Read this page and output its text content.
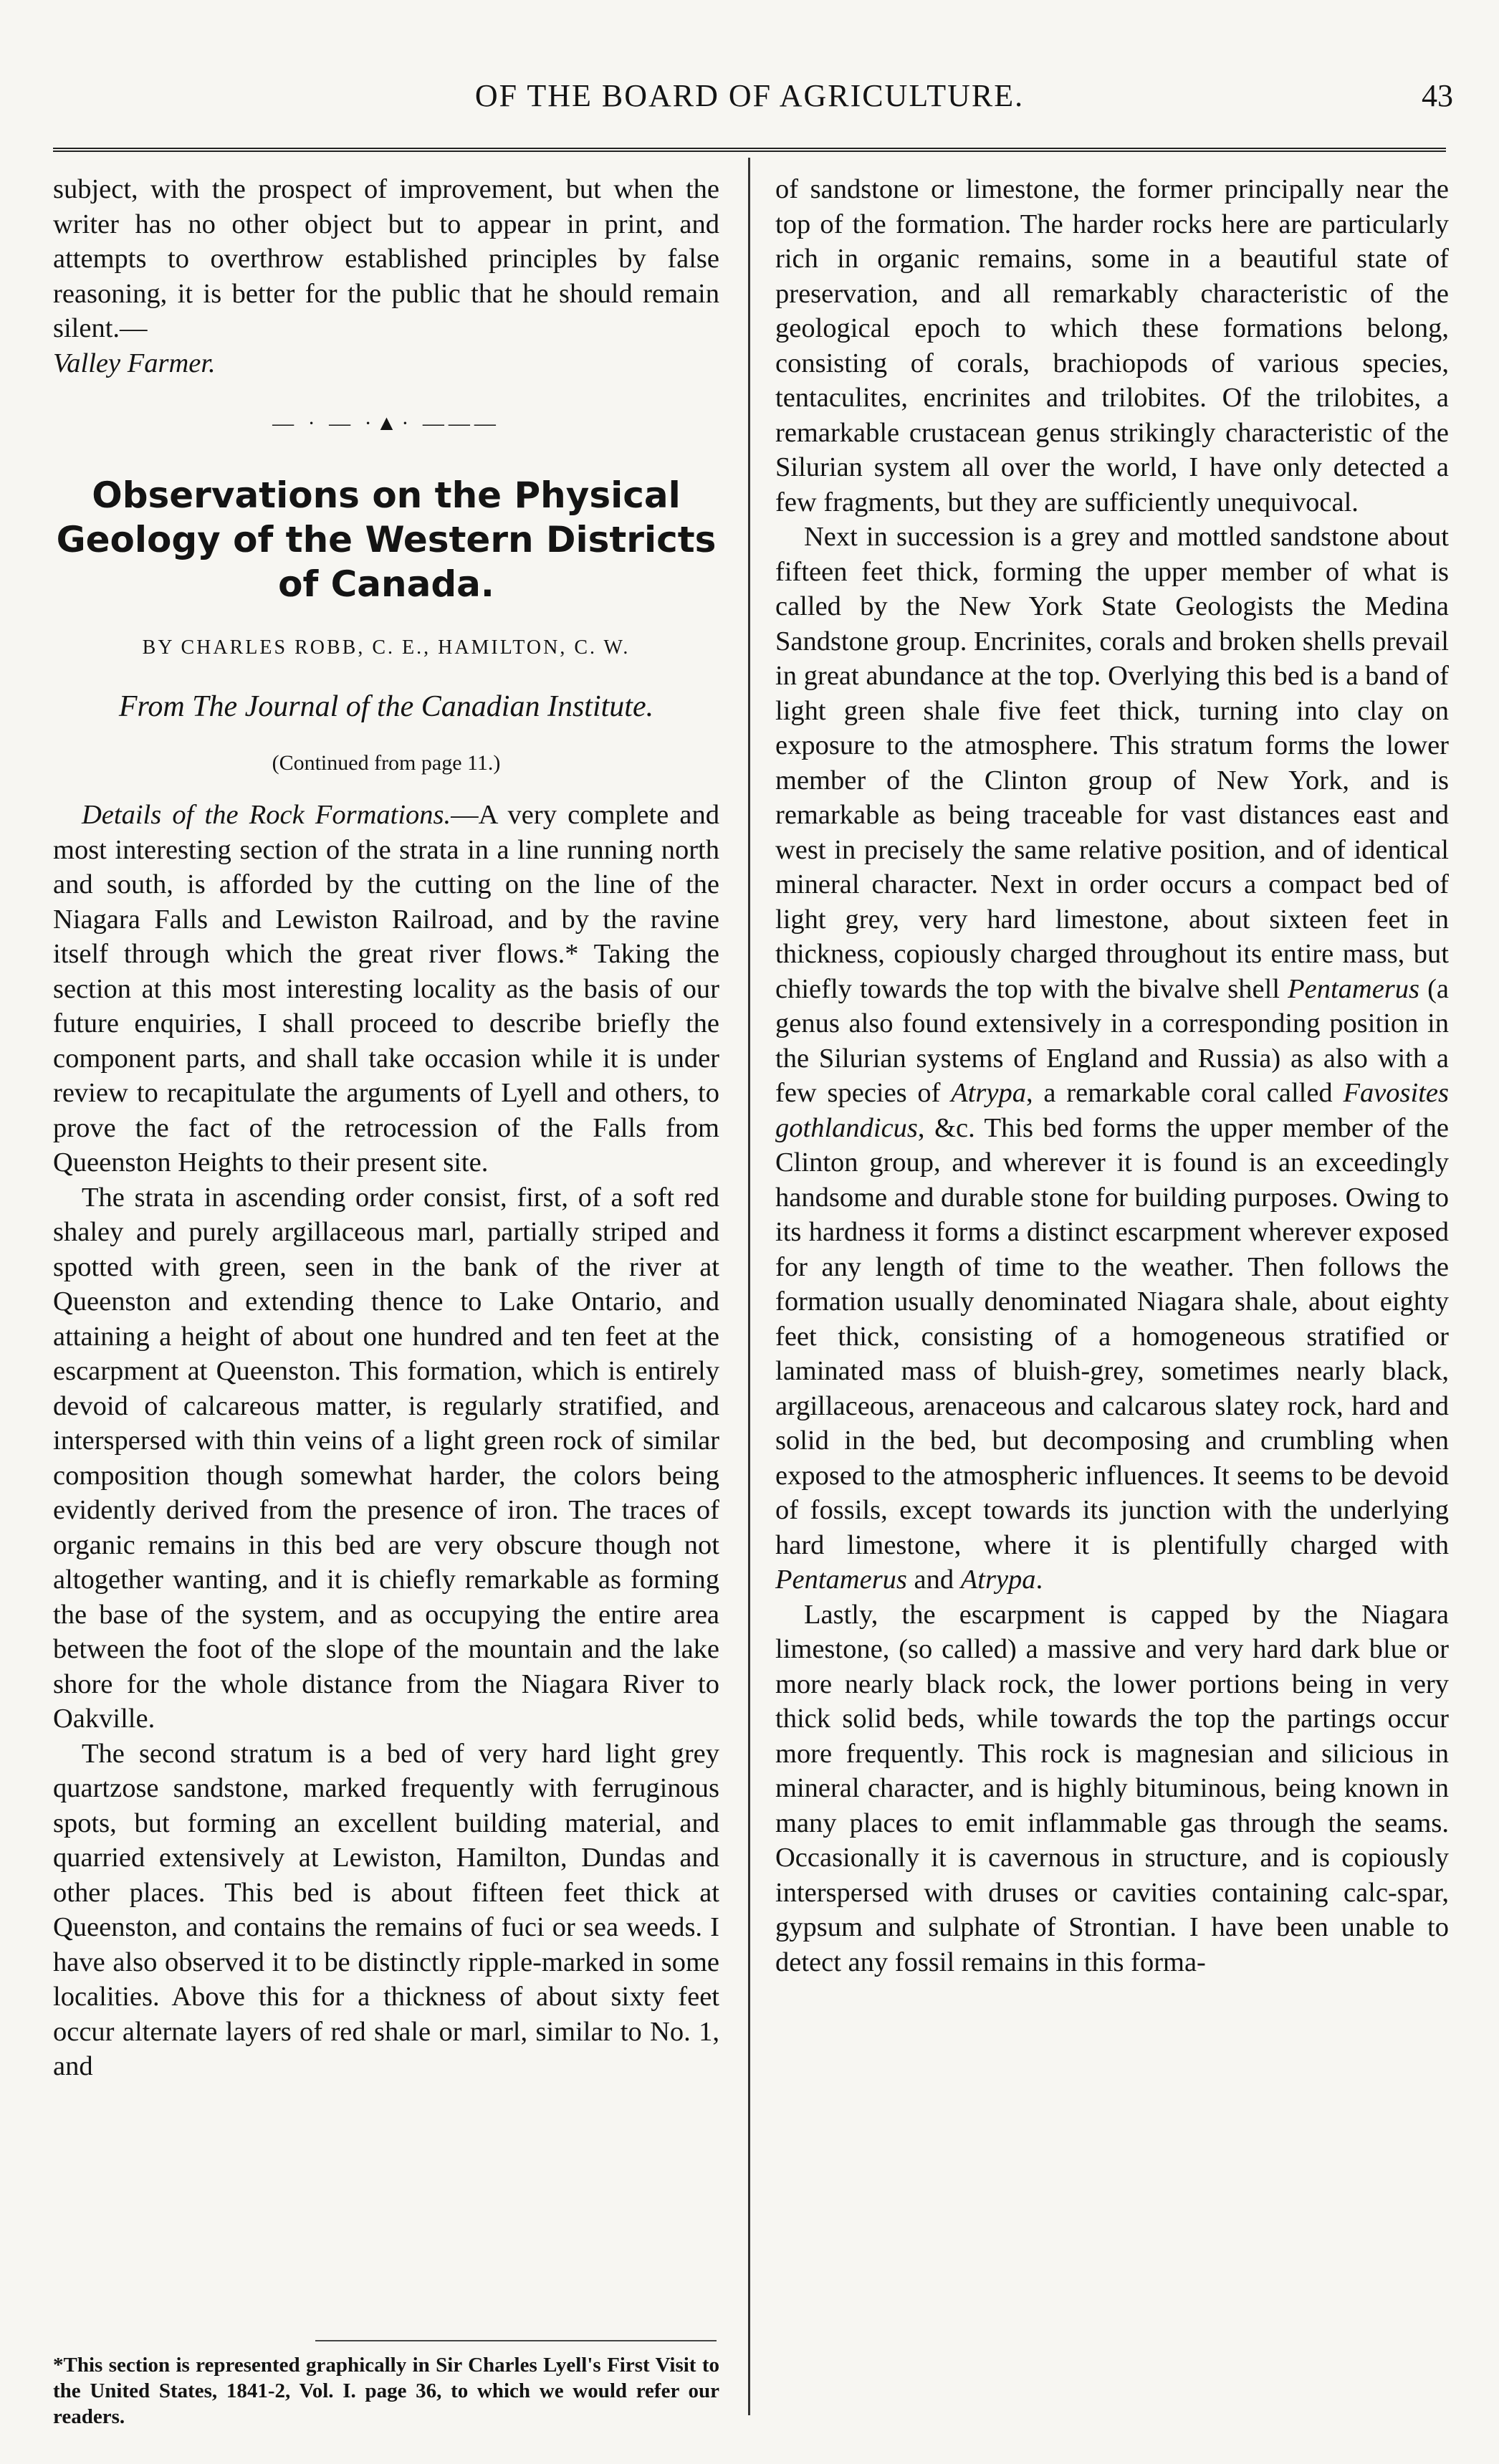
OF THE BOARD OF AGRICULTURE.	43

subject, with the prospect of improvement, but when the writer has no other object but to appear in print, and attempts to overthrow established principles by false reasoning, it is better for the public that he should remain silent.—
Valley Farmer.

— · — ·▲· ———
Observations on the Physical Geology of the Western Districts of Canada.
BY CHARLES ROBB, C. E., HAMILTON, C. W.
From The Journal of the Canadian Institute.
(Continued from page 11.)

Details of the Rock Formations.—A very complete and most interesting section of the strata in a line running north and south, is afforded by the cutting on the line of the Niagara Falls and Lewiston Railroad, and by the ravine itself through which the great river flows.* Taking the section at this most interesting locality as the basis of our future enquiries, I shall proceed to describe briefly the component parts, and shall take occasion while it is under review to recapitulate the arguments of Lyell and others, to prove the fact of the retrocession of the Falls from Queenston Heights to their present site.

The strata in ascending order consist, first, of a soft red shaley and purely argillaceous marl, partially striped and spotted with green, seen in the bank of the river at Queenston and extending thence to Lake Ontario, and attaining a height of about one hundred and ten feet at the escarpment at Queenston. This formation, which is entirely devoid of calcareous matter, is regularly stratified, and interspersed with thin veins of a light green rock of similar composition though somewhat harder, the colors being evidently derived from the presence of iron. The traces of organic remains in this bed are very obscure though not altogether wanting, and it is chiefly remarkable as forming the base of the system, and as occupying the entire area between the foot of the slope of the mountain and the lake shore for the whole distance from the Niagara River to Oakville.

The second stratum is a bed of very hard light grey quartzose sandstone, marked frequently with ferruginous spots, but forming an excellent building material, and quarried extensively at Lewiston, Hamilton, Dundas and other places. This bed is about fifteen feet thick at Queenston, and contains the remains of fuci or sea weeds. I have also observed it to be distinctly ripple-marked in some localities. Above this for a thickness of about sixty feet occur alternate layers of red shale or marl, similar to No. 1, and

*This section is represented graphically in Sir Charles Lyell's First Visit to the United States, 1841-2, Vol. I. page 36, to which we would refer our readers.

of sandstone or limestone, the former principally near the top of the formation. The harder rocks here are particularly rich in organic remains, some in a beautiful state of preservation, and all remarkably characteristic of the geological epoch to which these formations belong, consisting of corals, brachiopods of various species, tentaculites, encrinites and trilobites. Of the trilobites, a remarkable crustacean genus strikingly characteristic of the Silurian system all over the world, I have only detected a few fragments, but they are sufficiently unequivocal.

Next in succession is a grey and mottled sandstone about fifteen feet thick, forming the upper member of what is called by the New York State Geologists the Medina Sandstone group. Encrinites, corals and broken shells prevail in great abundance at the top. Overlying this bed is a band of light green shale five feet thick, turning into clay on exposure to the atmosphere. This stratum forms the lower member of the Clinton group of New York, and is remarkable as being traceable for vast distances east and west in precisely the same relative position, and of identical mineral character. Next in order occurs a compact bed of light grey, very hard limestone, about sixteen feet in thickness, copiously charged throughout its entire mass, but chiefly towards the top with the bivalve shell Pentamerus (a genus also found extensively in a corresponding position in the Silurian systems of England and Russia) as also with a few species of Atrypa, a remarkable coral called Favosites gothlandicus, &c. This bed forms the upper member of the Clinton group, and wherever it is found is an exceedingly handsome and durable stone for building purposes. Owing to its hardness it forms a distinct escarpment wherever exposed for any length of time to the weather. Then follows the formation usually denominated Niagara shale, about eighty feet thick, consisting of a homogeneous stratified or laminated mass of bluish-grey, sometimes nearly black, argillaceous, arenaceous and calcarous slatey rock, hard and solid in the bed, but decomposing and crumbling when exposed to the atmospheric influences. It seems to be devoid of fossils, except towards its junction with the underlying hard limestone, where it is plentifully charged with Pentamerus and Atrypa.

Lastly, the escarpment is capped by the Niagara limestone, (so called) a massive and very hard dark blue or more nearly black rock, the lower portions being in very thick solid beds, while towards the top the partings occur more frequently. This rock is magnesian and silicious in mineral character, and is highly bituminous, being known in many places to emit inflammable gas through the seams. Occasionally it is cavernous in structure, and is copiously interspersed with druses or cavities containing calc-spar, gypsum and sulphate of Strontian. I have been unable to detect any fossil remains in this forma-
